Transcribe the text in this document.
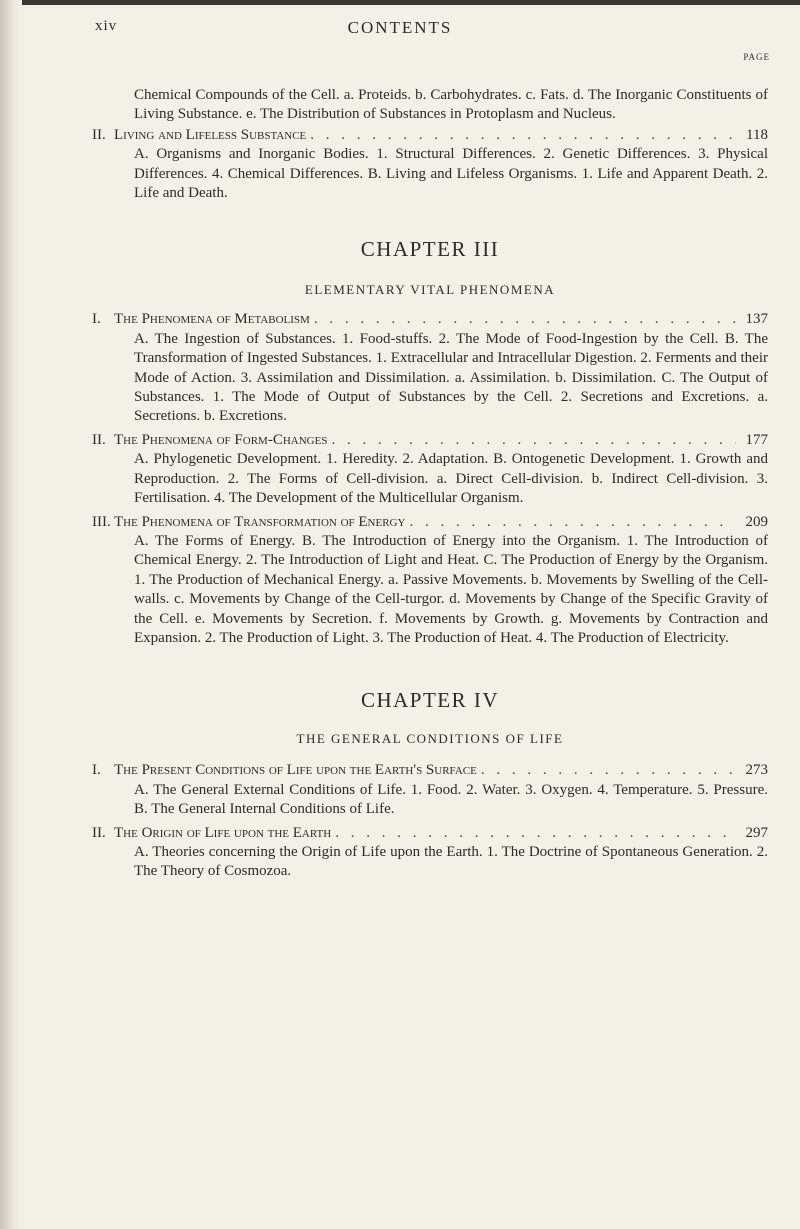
xiv	CONTENTS
PAGE

Chemical Compounds of the Cell. a. Proteids. b. Carbohydrates. c. Fats. d. The Inorganic Constituents of Living Substance. e. The Distribution of Substances in Protoplasm and Nucleus.

II. Living and Lifeless Substance . . .	118

A. Organisms and Inorganic Bodies. 1. Structural Differences. 2. Genetic Differences. 3. Physical Differences. 4. Chemical Differences. B. Living and Lifeless Organisms. 1. Life and Apparent Death. 2. Life and Death.

CHAPTER III

ELEMENTARY VITAL PHENOMENA

I. The Phenomena of Metabolism . . .	137

A. The Ingestion of Substances. 1. Food-stuffs. 2. The Mode of Food-Ingestion by the Cell. B. The Transformation of Ingested Substances. 1. Extracellular and Intracellular Digestion. 2. Ferments and their Mode of Action. 3. Assimilation and Dissimilation. a. Assimilation. b. Dissimilation. C. The Output of Substances. 1. The Mode of Output of Substances by the Cell. 2. Secretions and Excretions. a. Secretions. b. Excretions.

II. The Phenomena of Form-Changes . . .	177

A. Phylogenetic Development. 1. Heredity. 2. Adaptation. B. Ontogenetic Development. 1. Growth and Reproduction. 2. The Forms of Cell-division. a. Direct Cell-division. b. Indirect Cell-division. 3. Fertilisation. 4. The Development of the Multicellular Organism.

III. The Phenomena of Transformation of Energy . . .	209

A. The Forms of Energy. B. The Introduction of Energy into the Organism. 1. The Introduction of Chemical Energy. 2. The Introduction of Light and Heat. C. The Production of Energy by the Organism. 1. The Production of Mechanical Energy. a. Passive Movements. b. Movements by Swelling of the Cell-walls. c. Movements by Change of the Cell-turgor. d. Movements by Change of the Specific Gravity of the Cell. e. Movements by Secretion. f. Movements by Growth. g. Movements by Contraction and Expansion. 2. The Production of Light. 3. The Production of Heat. 4. The Production of Electricity.

CHAPTER IV

THE GENERAL CONDITIONS OF LIFE

I. The Present Conditions of Life upon the Earth's Surface . . .	273

A. The General External Conditions of Life. 1. Food. 2. Water. 3. Oxygen. 4. Temperature. 5. Pressure. B. The General Internal Conditions of Life.

II. The Origin of Life upon the Earth . . .	297

A. Theories concerning the Origin of Life upon the Earth. 1. The Doctrine of Spontaneous Generation. 2. The Theory of Cosmozoa.
